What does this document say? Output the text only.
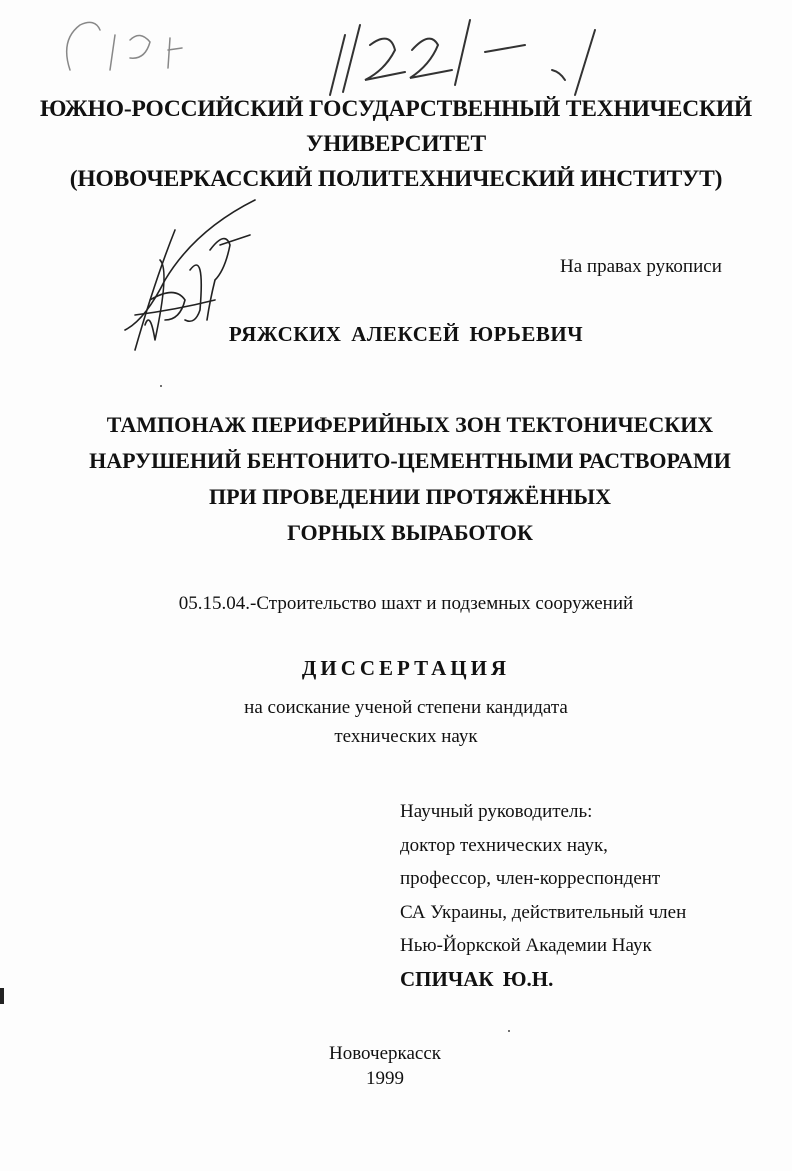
Ф 61: 99-5/1121-4
ЮЖНО-РОССИЙСКИЙ ГОСУДАРСТВЕННЫЙ ТЕХНИЧЕСКИЙ
УНИВЕРСИТЕТ
(НОВОЧЕРКАССКИЙ ПОЛИТЕХНИЧЕСКИЙ ИНСТИТУТ)
На правах рукописи
РЯЖСКИХ АЛЕКСЕЙ ЮРЬЕВИЧ
ТАМПОНАЖ ПЕРИФЕРИЙНЫХ ЗОН ТЕКТОНИЧЕСКИХ
НАРУШЕНИЙ БЕНТОНИТО-ЦЕМЕНТНЫМИ РАСТВОРАМИ
ПРИ ПРОВЕДЕНИИ ПРОТЯЖЁННЫХ
ГОРНЫХ ВЫРАБОТОК
05.15.04.-Строительство шахт и подземных сооружений
ДИССЕРТАЦИЯ
на соискание ученой степени кандидата
технических наук
Научный руководитель:
доктор технических наук,
профессор, член-корреспондент
СА Украины, действительный член
Нью-Йоркской Академии Наук
СПИЧАК Ю.Н.
Новочеркасск
1999
